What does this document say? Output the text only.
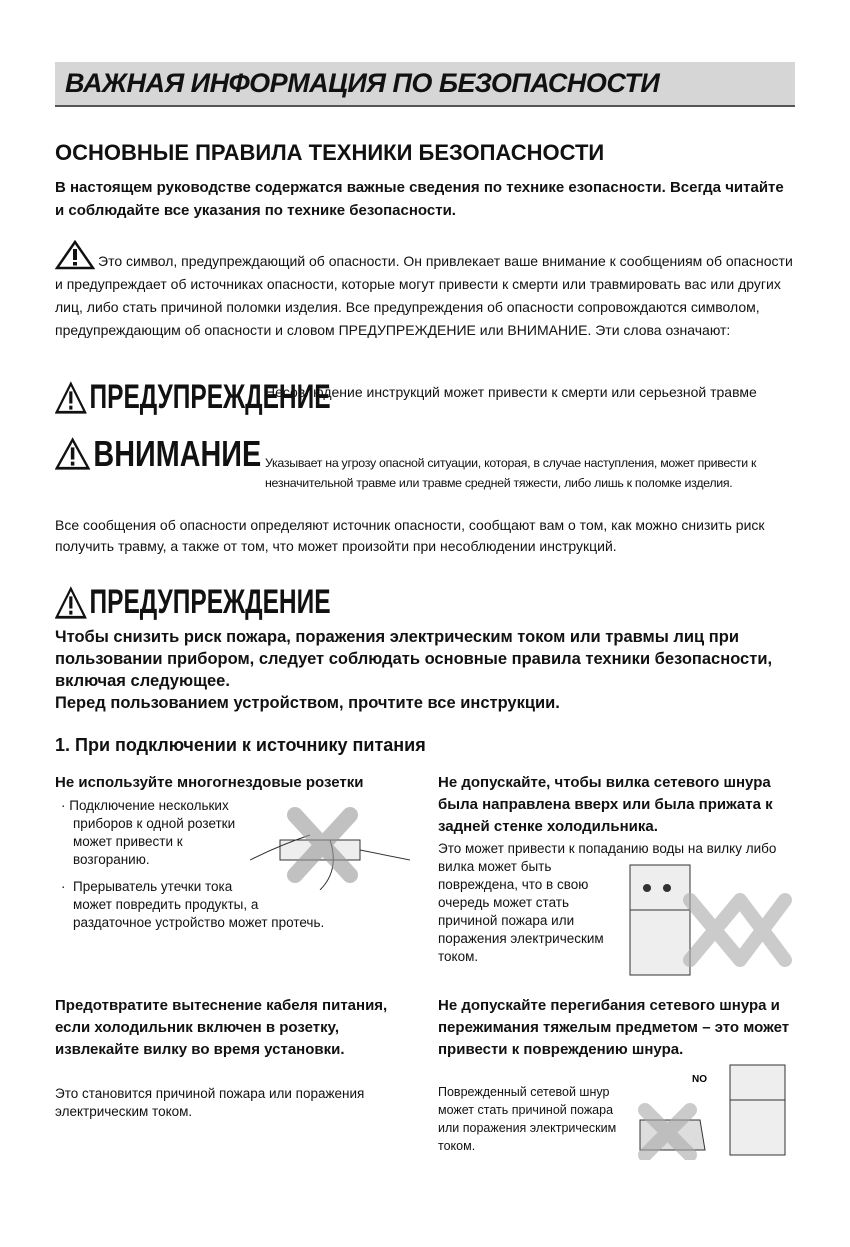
ВАЖНАЯ ИНФОРМАЦИЯ ПО БЕЗОПАСНОСТИ
ОСНОВНЫЕ ПРАВИЛА ТЕХНИКИ БЕЗОПАСНОСТИ
В настоящем руководстве содержатся важные сведения по технике езопасности. Всегда читайте и соблюдайте все указания по технике безопасности.
Это символ, предупреждающий об опасности. Он привлекает ваше внимание к сообщениям об опасности и предупреждает об источниках опасности, которые могут привести к смерти или травмировать вас или других лиц, либо стать причиной поломки изделия. Все предупреждения об опасности сопровождаются символом, предупреждающим об опасности и словом ПРЕДУПРЕЖДЕНИЕ или ВНИМАНИЕ. Эти слова означают:
ПРЕДУПРЕЖДЕНИЕ
Несовлюдение инструкций может привести к смерти или серьезной травме
ВНИМАНИЕ Указывает на угрозу опасной ситуации, которая, в случае наступления, может привести к незначительной травме или травме средней тяжести, либо лишь к поломке изделия.
Все сообщения об опасности определяют источник опасности, сообщают вам о том, как можно снизить риск получить травму, а также от том, что может произойти при несоблюдении инструкций.
ПРЕДУПРЕЖДЕНИЕ
Чтобы снизить риск пожара, поражения электрическим током или травмы лиц при пользовании прибором, следует соблюдать основные правила техники безопасности, включая следующее.
Перед пользованием устройством, прочтите все инструкции.
1. При подключении к источнику питания
Не используйте многогнездовые розетки
· Подключение нескольких приборов к одной розетки может привести к возгоранию.
· Прерыватель утечки тока может повредить продукты, а раздаточное устройство может протечь.
Не допускайте, чтобы вилка сетевого шнура была направлена вверх или была прижата к задней стенке холодильника.
Это может привести к попаданию воды на вилку либо вилка может быть повреждена, что в свою очередь может стать причиной пожара или поражения электрическим током.
Предотвратите вытеснение кабеля питания, если холодильник включен в розетку, извлекайте вилку во время установки.
Это становится причиной пожара или поражения электрическим током.
Не допускайте перегибания сетевого шнура и пережимания тяжелым предметом – это может привести к повреждению шнура.
Поврежденный сетевой шнур может стать причиной пожара или поражения электрическим током.
NO
